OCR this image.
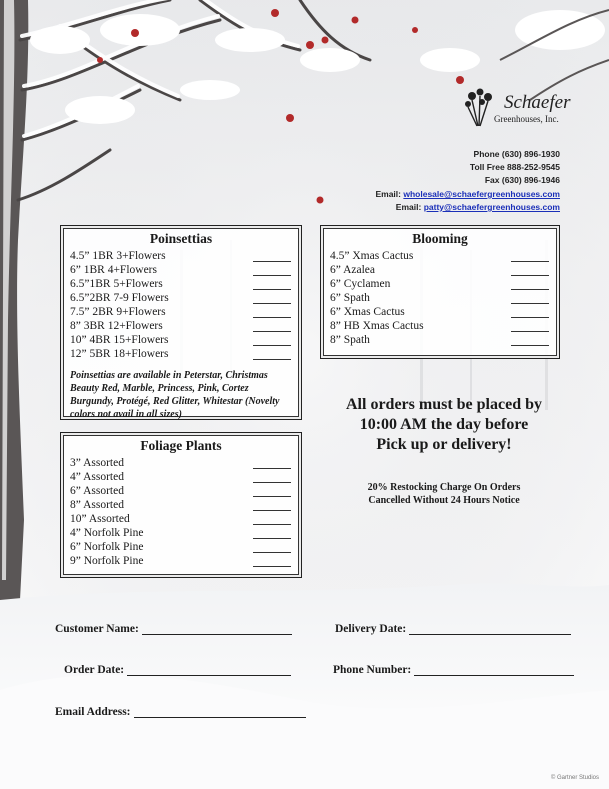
Schaefer
Greenhouses, Inc.
Phone (630) 896-1930
Toll Free 888-252-9545
Fax (630) 896-1946
Email: wholesale@schaefergreenhouses.com
Email: patty@schaefergreenhouses.com
Poinsettias
4.5” 1BR 3+Flowers
6” 1BR 4+Flowers
6.5”1BR 5+Flowers
6.5”2BR 7-9 Flowers
7.5” 2BR 9+Flowers
8” 3BR 12+Flowers
10” 4BR 15+Flowers
12” 5BR 18+Flowers
Poinsettias are available in Peterstar, Christmas Beauty Red, Marble, Princess, Pink, Cortez Burgundy, Protégé, Red Glitter, Whitestar (Novelty colors not avail in all sizes)
Blooming
4.5” Xmas Cactus
6” Azalea
6” Cyclamen
6” Spath
6” Xmas Cactus
8” HB Xmas Cactus
8” Spath
Foliage Plants
3” Assorted
4” Assorted
6” Assorted
8” Assorted
10” Assorted
4” Norfolk Pine
6” Norfolk Pine
9” Norfolk Pine
All orders must be placed by
10:00 AM the day before
Pick up or delivery!
20% Restocking Charge On Orders
Cancelled Without 24 Hours Notice
Customer Name:	Delivery Date:
Order Date:	Phone Number:
Email Address:
© Gartner Studios
